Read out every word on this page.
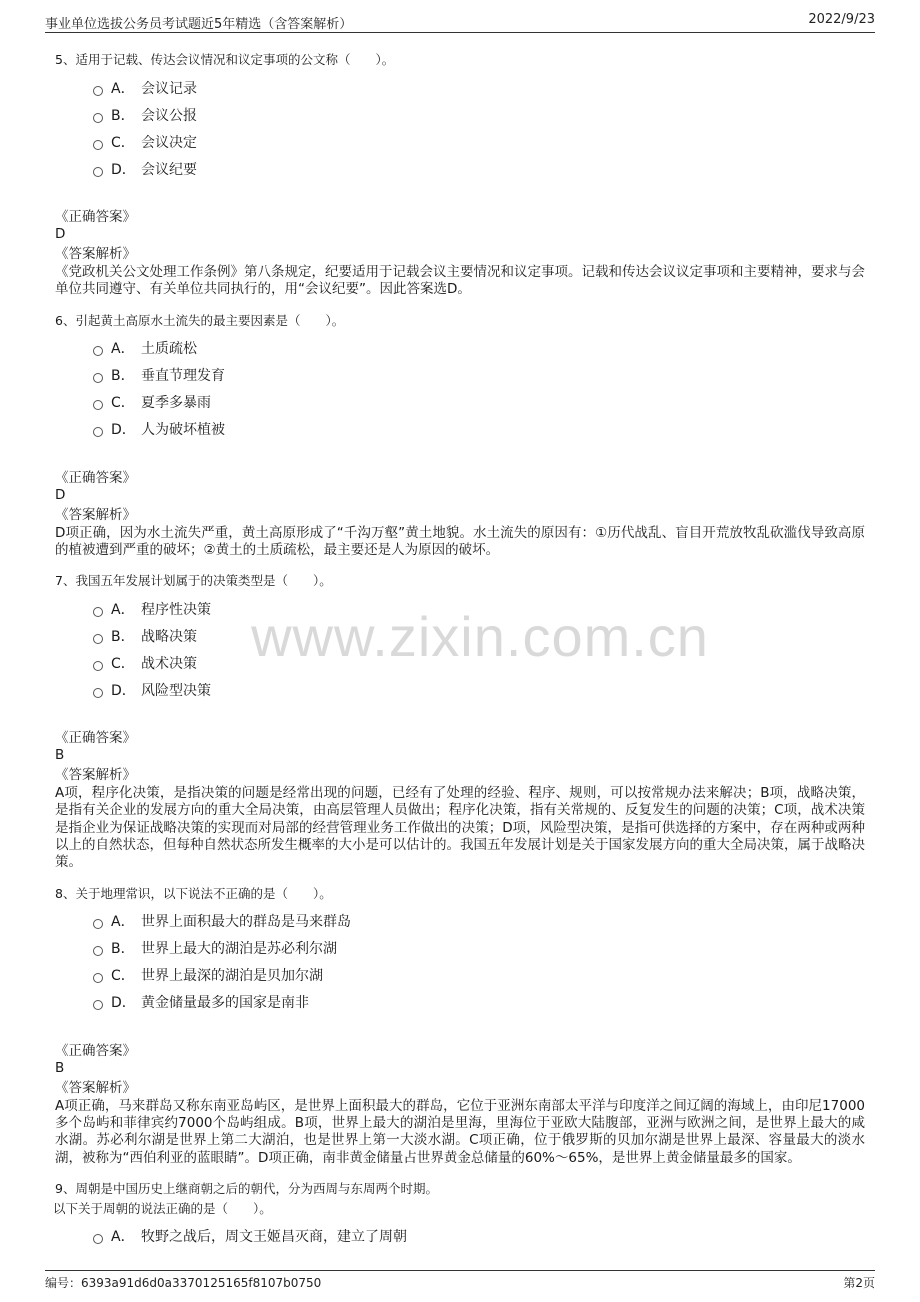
事业单位选拔公务员考试题近5年精选（含答案解析）	2022/9/23
www.zixin.com.cn

5、适用于记载、传达会议情况和议定事项的公文称（　　）。

A． 会议记录
B． 会议公报
C． 会议决定
D． 会议纪要
《正确答案》
D
《答案解析》

《党政机关公文处理工作条例》第八条规定，纪要适用于记载会议主要情况和议定事项。记载和传达会议议定事项和主要精神，要求与会单位共同遵守、有关单位共同执行的，用“会议纪要”。因此答案选D。

6、引起黄土高原水土流失的最主要因素是（　　）。

A． 土质疏松
B． 垂直节理发育
C． 夏季多暴雨
D． 人为破坏植被
《正确答案》
D
《答案解析》

D项正确，因为水土流失严重，黄土高原形成了“千沟万壑”黄土地貌。水土流失的原因有：①历代战乱、盲目开荒放牧乱砍滥伐导致高原的植被遭到严重的破坏；②黄土的土质疏松，最主要还是人为原因的破坏。

7、我国五年发展计划属于的决策类型是（　　）。

A． 程序性决策
B． 战略决策
C． 战术决策
D． 风险型决策
《正确答案》
B
《答案解析》

A项，程序化决策，是指决策的问题是经常出现的问题，已经有了处理的经验、程序、规则，可以按常规办法来解决；B项，战略决策，是指有关企业的发展方向的重大全局决策，由高层管理人员做出；程序化决策，指有关常规的、反复发生的问题的决策；C项，战术决策是指企业为保证战略决策的实现而对局部的经营管理业务工作做出的决策；D项，风险型决策，是指可供选择的方案中，存在两种或两种以上的自然状态，但每种自然状态所发生概率的大小是可以估计的。我国五年发展计划是关于国家发展方向的重大全局决策，属于战略决策。

8、关于地理常识，以下说法不正确的是（　　）。

A． 世界上面积最大的群岛是马来群岛
B． 世界上最大的湖泊是苏必利尔湖
C． 世界上最深的湖泊是贝加尔湖
D． 黄金储量最多的国家是南非
《正确答案》
B
《答案解析》

A项正确，马来群岛又称东南亚岛屿区，是世界上面积最大的群岛，它位于亚洲东南部太平洋与印度洋之间辽阔的海域上，由印尼17000多个岛屿和菲律宾约7000个岛屿组成。B项，世界上最大的湖泊是里海，里海位于亚欧大陆腹部，亚洲与欧洲之间，是世界上最大的咸水湖。苏必利尔湖是世界上第二大湖泊，也是世界上第一大淡水湖。C项正确，位于俄罗斯的贝加尔湖是世界上最深、容量最大的淡水湖，被称为“西伯利亚的蓝眼睛”。D项正确，南非黄金储量占世界黄金总储量的60%～65%，是世界上黄金储量最多的国家。

9、周朝是中国历史上继商朝之后的朝代，分为西周与东周两个时期。

以下关于周朝的说法正确的是（　　）。

A． 牧野之战后，周文王姬昌灭商，建立了周朝
编号：6393a91d6d0a3370125165f8107b0750	第2页
